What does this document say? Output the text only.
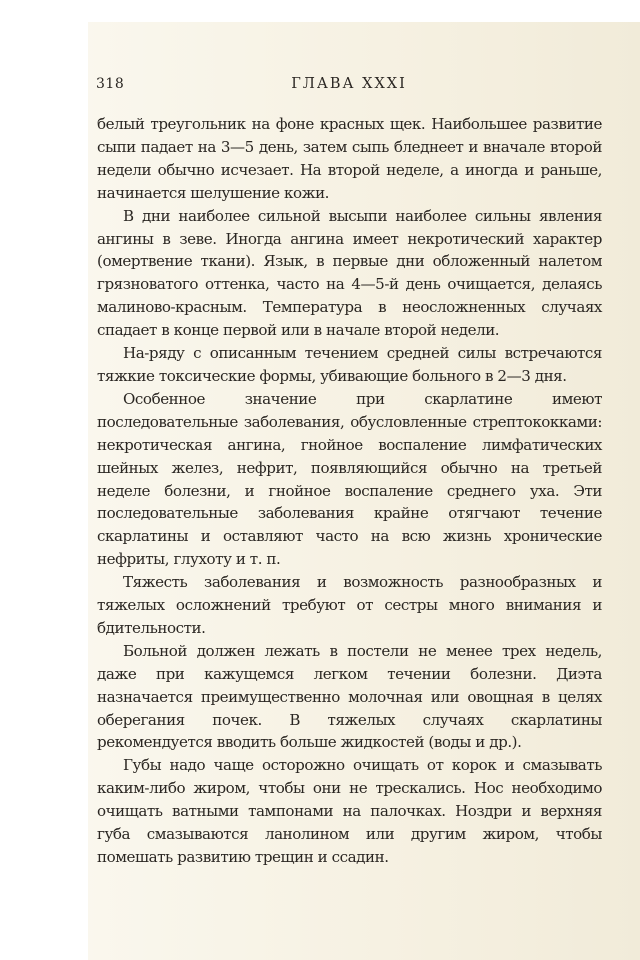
318	ГЛАВА XXXI

белый треугольник на фоне красных щек. Наибольшее развитие сыпи падает на 3—5 день, затем сыпь бледнеет и вначале второй недели обычно исчезает. На второй неделе, а иногда и раньше, начинается шелушение кожи.

В дни наиболее сильной высыпи наиболее сильны явления ангины в зеве. Иногда ангина имеет некротический характер (омертвение ткани). Язык, в первые дни обложенный налетом грязноватого оттенка, часто на 4—5-й день очищается, делаясь малиново-красным. Температура в неосложненных случаях спадает в конце первой или в начале второй недели.

На-ряду с описанным течением средней силы встречаются тяжкие токсические формы, убивающие больного в 2—3 дня.

Особенное значение при скарлатине имеют последовательные заболевания, обусловленные стрептококками: некротическая ангина, гнойное воспаление лимфатических шейных желез, нефрит, появляющийся обычно на третьей неделе болезни, и гнойное воспаление среднего уха. Эти последовательные заболевания крайне отягчают течение скарлатины и оставляют часто на всю жизнь хронические нефриты, глухоту и т. п.

Тяжесть заболевания и возможность разнообразных и тяжелых осложнений требуют от сестры много внимания и бдительности.

Больной должен лежать в постели не менее трех недель, даже при кажущемся легком течении болезни. Диэта назначается преимущественно молочная или овощная в целях оберегания почек. В тяжелых случаях скарлатины рекомендуется вводить больше жидкостей (воды и др.).

Губы надо чаще осторожно очищать от корок и смазывать каким-либо жиром, чтобы они не трескались. Нос необходимо очищать ватными тампонами на палочках. Ноздри и верхняя губа смазываются ланолином или другим жиром, чтобы помешать развитию трещин и ссадин.
